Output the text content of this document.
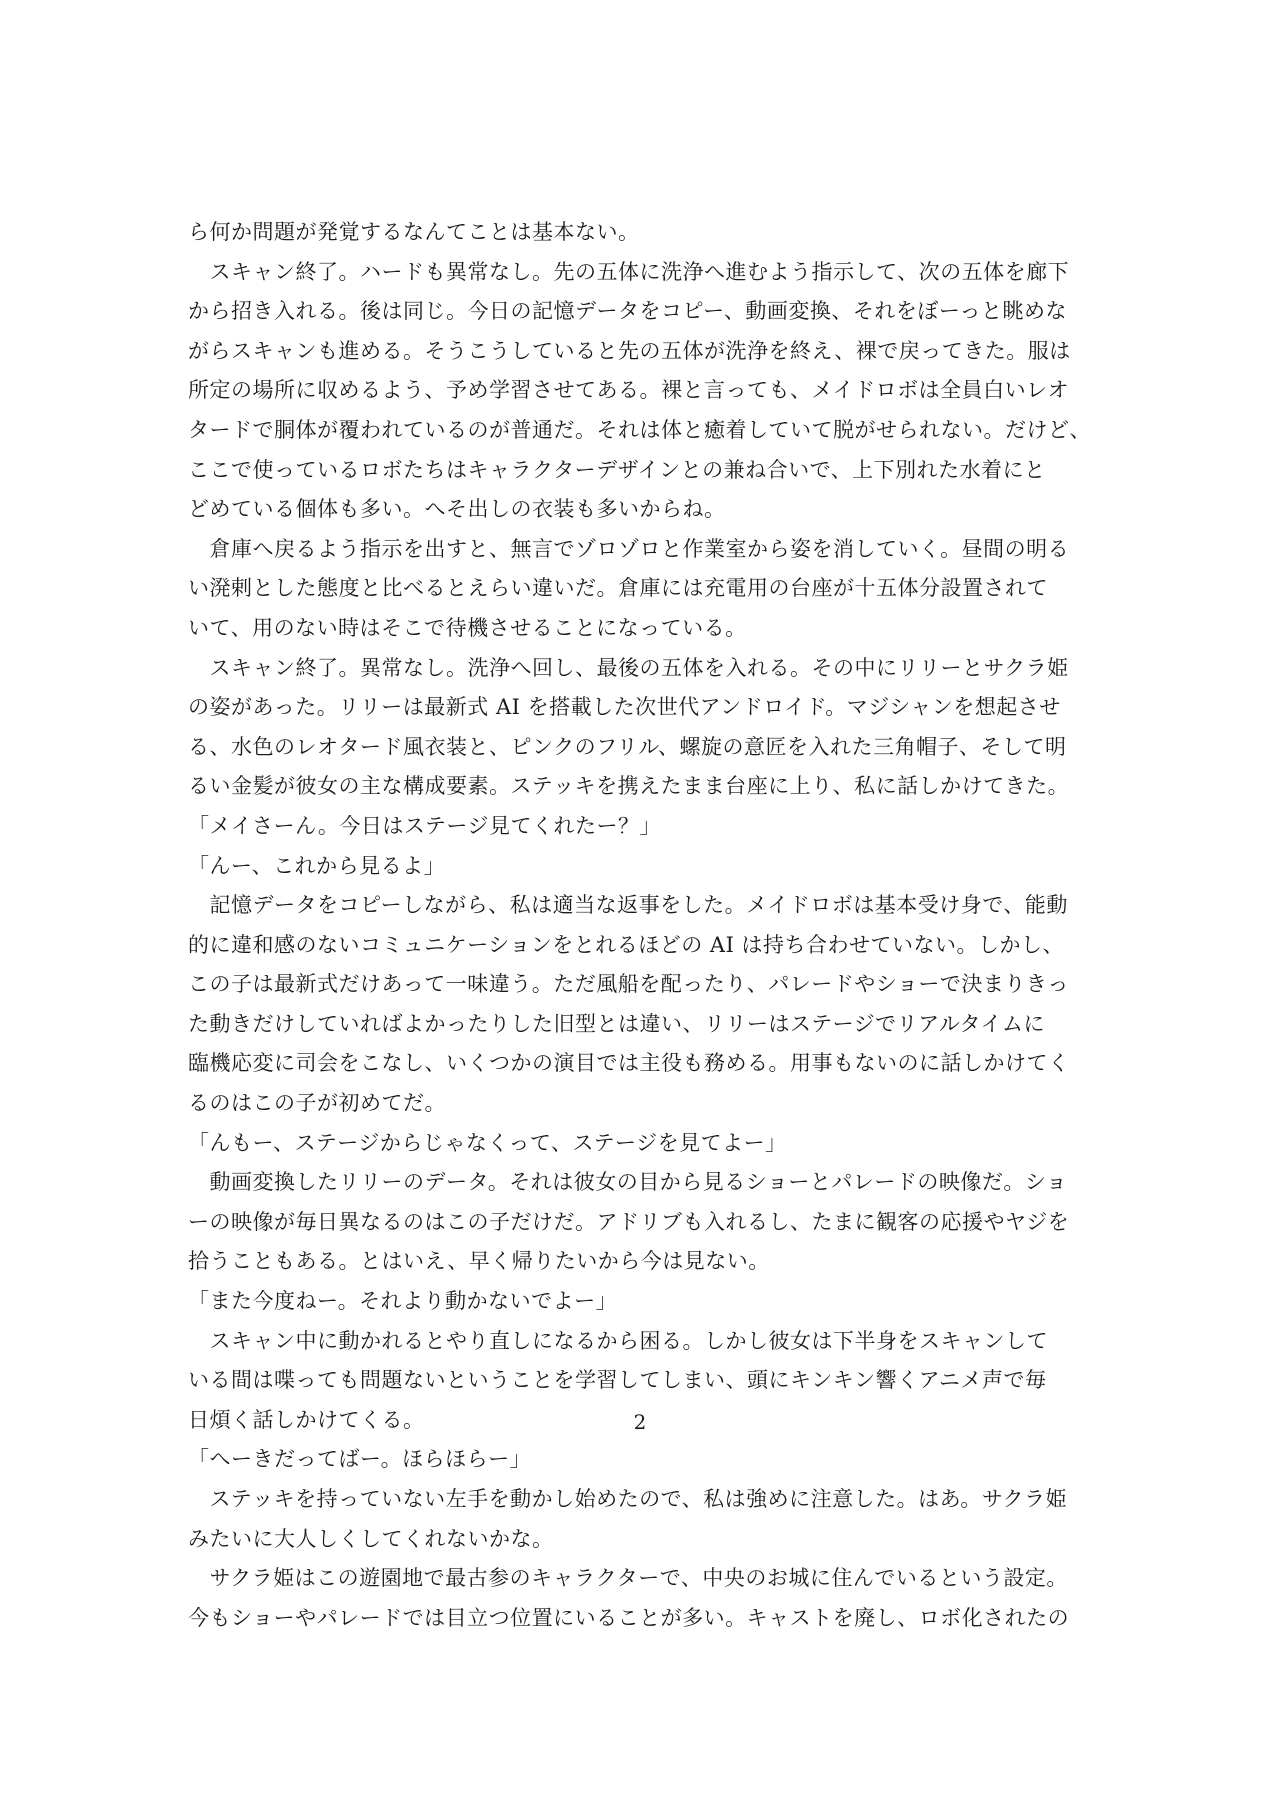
ら何か問題が発覚するなんてことは基本ない。
　スキャン終了。ハードも異常なし。先の五体に洗浄へ進むよう指示して、次の五体を廊下
から招き入れる。後は同じ。今日の記憶データをコピー、動画変換、それをぼーっと眺めな
がらスキャンも進める。そうこうしていると先の五体が洗浄を終え、裸で戻ってきた。服は
所定の場所に収めるよう、予め学習させてある。裸と言っても、メイドロボは全員白いレオ
タードで胴体が覆われているのが普通だ。それは体と癒着していて脱がせられない。だけど、
ここで使っているロボたちはキャラクターデザインとの兼ね合いで、上下別れた水着にと
どめている個体も多い。へそ出しの衣装も多いからね。
　倉庫へ戻るよう指示を出すと、無言でゾロゾロと作業室から姿を消していく。昼間の明る
い溌剌とした態度と比べるとえらい違いだ。倉庫には充電用の台座が十五体分設置されて
いて、用のない時はそこで待機させることになっている。
　スキャン終了。異常なし。洗浄へ回し、最後の五体を入れる。その中にリリーとサクラ姫
の姿があった。リリーは最新式 AI を搭載した次世代アンドロイド。マジシャンを想起させ
る、水色のレオタード風衣装と、ピンクのフリル、螺旋の意匠を入れた三角帽子、そして明
るい金髪が彼女の主な構成要素。ステッキを携えたまま台座に上り、私に話しかけてきた。
「メイさーん。今日はステージ見てくれたー？」
「んー、これから見るよ」
　記憶データをコピーしながら、私は適当な返事をした。メイドロボは基本受け身で、能動
的に違和感のないコミュニケーションをとれるほどの AI は持ち合わせていない。しかし、
この子は最新式だけあって一味違う。ただ風船を配ったり、パレードやショーで決まりきっ
た動きだけしていればよかったりした旧型とは違い、リリーはステージでリアルタイムに
臨機応変に司会をこなし、いくつかの演目では主役も務める。用事もないのに話しかけてく
るのはこの子が初めてだ。
「んもー、ステージからじゃなくって、ステージを見てよー」
　動画変換したリリーのデータ。それは彼女の目から見るショーとパレードの映像だ。ショ
ーの映像が毎日異なるのはこの子だけだ。アドリブも入れるし、たまに観客の応援やヤジを
拾うこともある。とはいえ、早く帰りたいから今は見ない。
「また今度ねー。それより動かないでよー」
　スキャン中に動かれるとやり直しになるから困る。しかし彼女は下半身をスキャンして
いる間は喋っても問題ないということを学習してしまい、頭にキンキン響くアニメ声で毎
日煩く話しかけてくる。
「へーきだってばー。ほらほらー」
　ステッキを持っていない左手を動かし始めたので、私は強めに注意した。はあ。サクラ姫
みたいに大人しくしてくれないかな。
　サクラ姫はこの遊園地で最古参のキャラクターで、中央のお城に住んでいるという設定。
今もショーやパレードでは目立つ位置にいることが多い。キャストを廃し、ロボ化されたの
2
